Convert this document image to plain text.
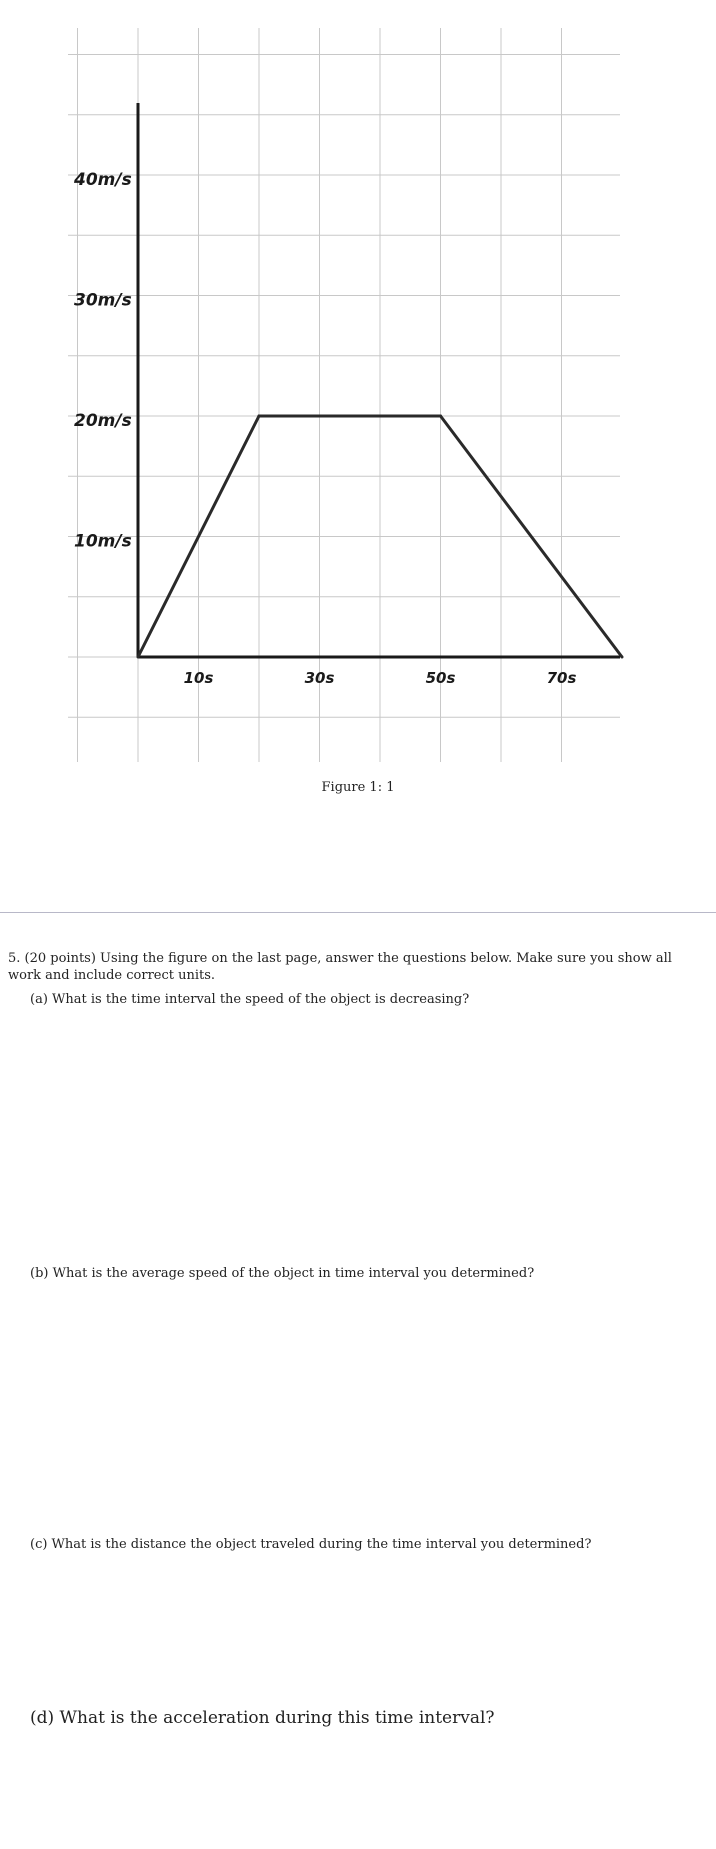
10m/s
20m/s
30m/s
40m/s
10s	30s	50s	70s
Figure 1: 1
5. (20 points) Using the figure on the last page, answer the questions below. Make sure you show all work and include correct units.
(a) What is the time interval the speed of the object is decreasing?
(b) What is the average speed of the object in time interval you determined?
(c) What is the distance the object traveled during the time interval you determined?
(d) What is the acceleration during this time interval?
